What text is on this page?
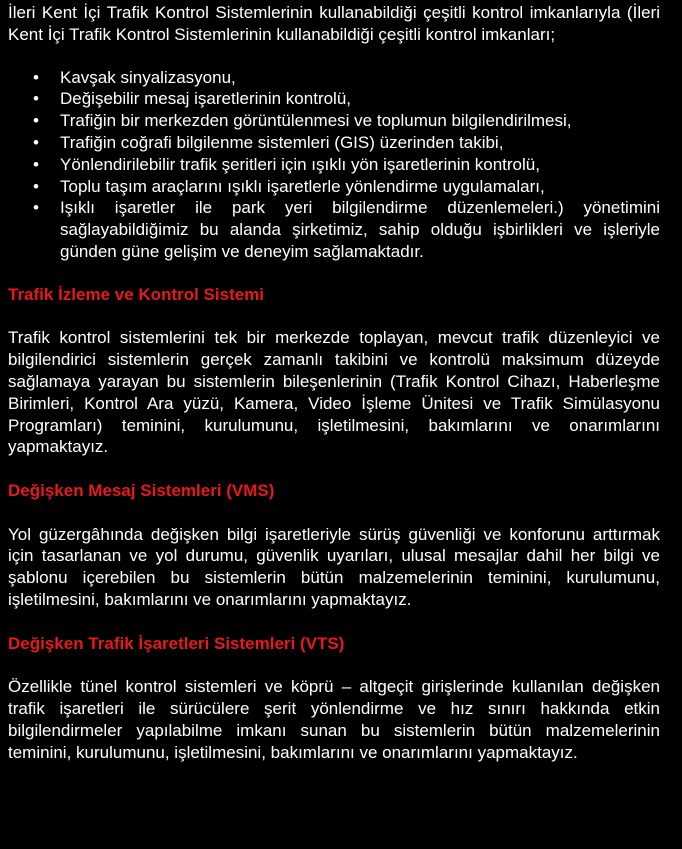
İleri Kent İçi Trafik Kontrol Sistemlerinin kullanabildiği çeşitli kontrol imkanlarıyla (İleri Kent İçi Trafik Kontrol Sistemlerinin kullanabildiği çeşitli kontrol imkanları;

• Kavşak sinyalizasyonu,
• Değişebilir mesaj işaretlerinin kontrolü,
• Trafiğin bir merkezden görüntülenmesi ve toplumun bilgilendirilmesi,
• Trafiğin coğrafi bilgilenme sistemleri (GIS) üzerinden takibi,
• Yönlendirilebilir trafik şeritleri için ışıklı yön işaretlerinin kontrolü,
• Toplu taşım araçlarını ışıklı işaretlerle yönlendirme uygulamaları,
• Işıklı işaretler ile park yeri bilgilendirme düzenlemeleri.) yönetimini sağlayabildiğimiz bu alanda şirketimiz, sahip olduğu işbirlikleri ve işleriyle günden güne gelişim ve deneyim sağlamaktadır.
Trafik İzleme ve Kontrol Sistemi

Trafik kontrol sistemlerini tek bir merkezde toplayan, mevcut trafik düzenleyici ve bilgilendirici sistemlerin gerçek zamanlı takibini ve kontrolü maksimum düzeyde sağlamaya yarayan bu sistemlerin bileşenlerinin (Trafik Kontrol Cihazı, Haberleşme Birimleri, Kontrol Ara yüzü, Kamera, Video İşleme Ünitesi ve Trafik Simülasyonu Programları) teminini, kurulumunu, işletilmesini, bakımlarını ve onarımlarını yapmaktayız.

Değişken Mesaj Sistemleri (VMS)

Yol güzergâhında değişken bilgi işaretleriyle sürüş güvenliği ve konforunu arttırmak için tasarlanan ve yol durumu, güvenlik uyarıları, ulusal mesajlar dahil her bilgi ve şablonu içerebilen bu sistemlerin bütün malzemelerinin teminini, kurulumunu, işletilmesini, bakımlarını ve onarımlarını yapmaktayız.

Değişken Trafik İşaretleri Sistemleri (VTS)

Özellikle tünel kontrol sistemleri ve köprü – altgeçit girişlerinde kullanılan değişken trafik işaretleri ile sürücülere şerit yönlendirme ve hız sınırı hakkında etkin bilgilendirmeler yapılabilme imkanı sunan bu sistemlerin bütün malzemelerinin teminini, kurulumunu, işletilmesini, bakımlarını ve onarımlarını yapmaktayız.
